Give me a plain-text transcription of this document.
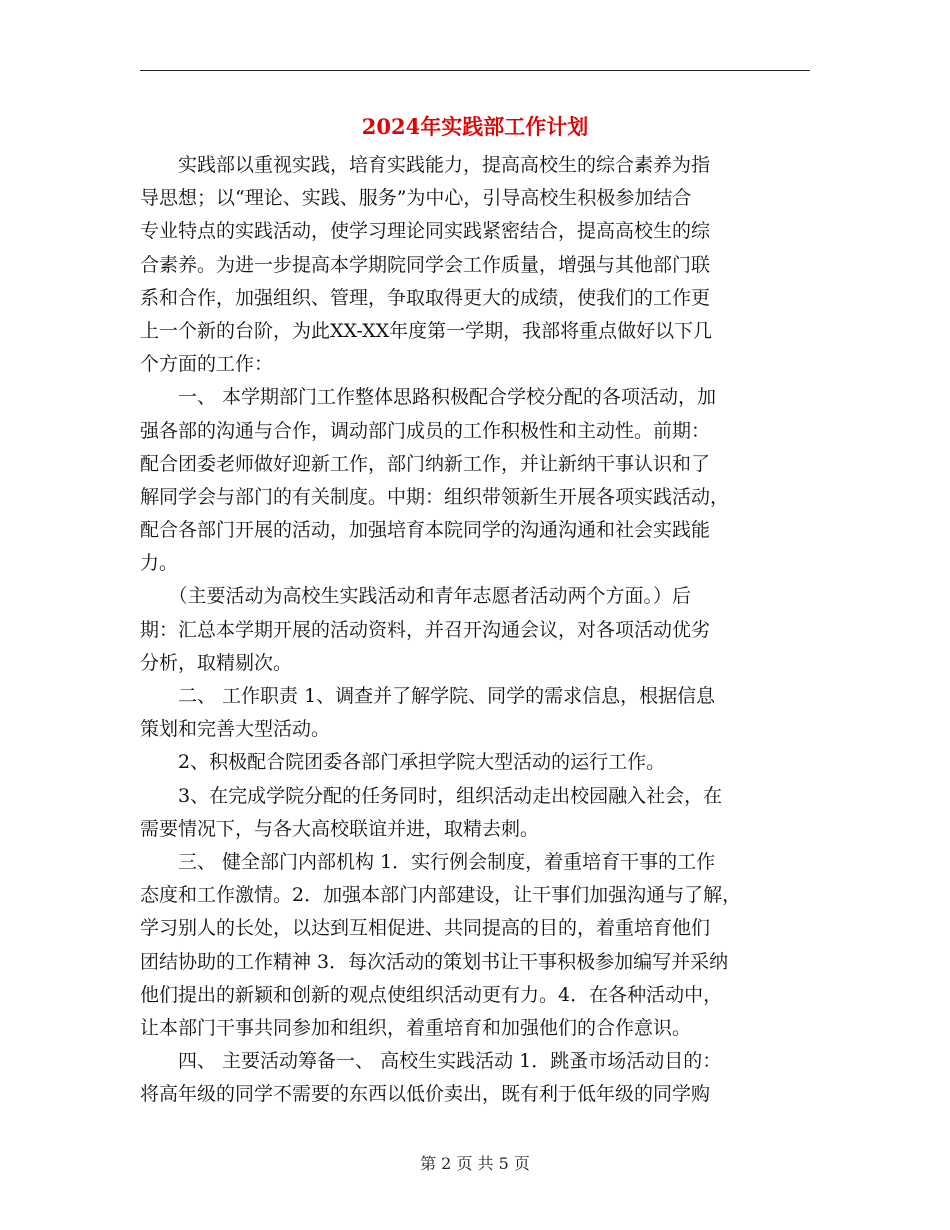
2024年实践部工作计划
　　实践部以重视实践，培育实践能力，提高高校生的综合素养为指
导思想；以“理论、实践、服务”为中心，引导高校生积极参加结合
专业特点的实践活动，使学习理论同实践紧密结合，提高高校生的综
合素养。为进一步提高本学期院同学会工作质量，增强与其他部门联
系和合作，加强组织、管理，争取取得更大的成绩，使我们的工作更
上一个新的台阶，为此XX-XX年度第一学期，我部将重点做好以下几
个方面的工作：
　　一、 本学期部门工作整体思路积极配合学校分配的各项活动，加
强各部的沟通与合作，调动部门成员的工作积极性和主动性。前期：
配合团委老师做好迎新工作，部门纳新工作，并让新纳干事认识和了
解同学会与部门的有关制度。中期：组织带领新生开展各项实践活动，
配合各部门开展的活动，加强培育本院同学的沟通沟通和社会实践能
力。
　　（主要活动为高校生实践活动和青年志愿者活动两个方面。）后
期：汇总本学期开展的活动资料，并召开沟通会议，对各项活动优劣
分析，取精剔次。
　　二、 工作职责 1、调查并了解学院、同学的需求信息，根据信息
策划和完善大型活动。
　　2、积极配合院团委各部门承担学院大型活动的运行工作。
　　3、在完成学院分配的任务同时，组织活动走出校园融入社会，在
需要情况下，与各大高校联谊并进，取精去刺。
　　三、 健全部门内部机构 1．实行例会制度，着重培育干事的工作
态度和工作激情。2．加强本部门内部建设，让干事们加强沟通与了解，
学习别人的长处，以达到互相促进、共同提高的目的，着重培育他们
团结协助的工作精神 3．每次活动的策划书让干事积极参加编写并采纳
他们提出的新颖和创新的观点使组织活动更有力。4．在各种活动中，
让本部门干事共同参加和组织，着重培育和加强他们的合作意识。
　　四、 主要活动筹备一、 高校生实践活动 1．跳蚤市场活动目的：
将高年级的同学不需要的东西以低价卖出，既有利于低年级的同学购
第 2 页 共 5 页
